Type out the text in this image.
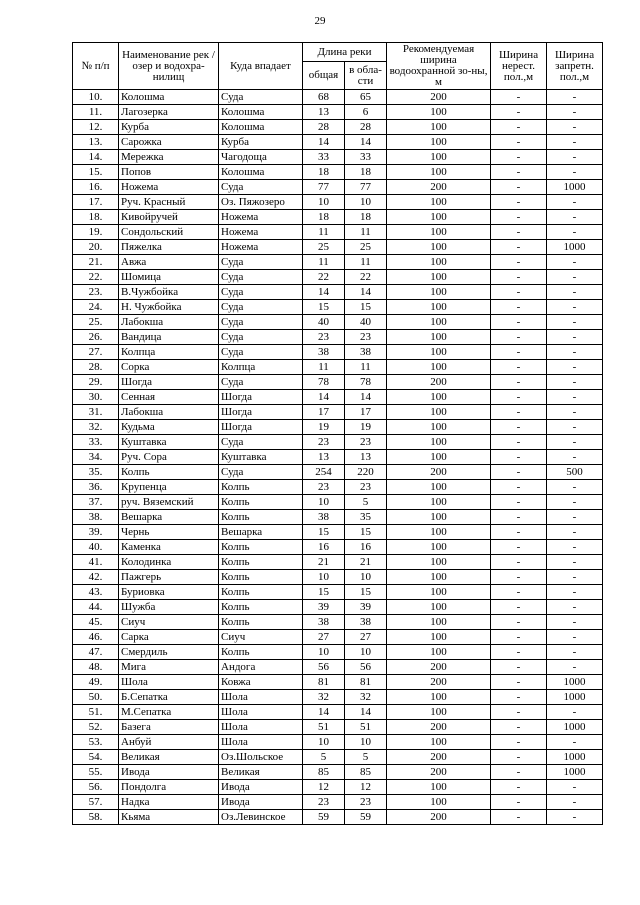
29
№ п/п	Наименование рек / озер и водохра-нилищ	Куда впадает	Длина реки		Рекомендуемая ширина водоохранной зо-ны, м	Ширина нерест. пол.,м	Ширина запретн. пол.,м
			общая	в обла-сти			
10.	Колошма	Суда	68	65	200	-	-
11.	Лагозерка	Колошма	13	6	100	-	-
12.	Курба	Колошма	28	28	100	-	-
13.	Сарожка	Курба	14	14	100	-	-
14.	Мережка	Чагодоща	33	33	100	-	-
15.	Попов	Колошма	18	18	100	-	-
16.	Ножема	Суда	77	77	200	-	1000
17.	Руч. Красный	Оз. Пяжозеро	10	10	100	-	-
18.	Кивойручей	Ножема	18	18	100	-	-
19.	Сондольский	Ножема	11	11	100	-	-
20.	Пяжелка	Ножема	25	25	100	-	1000
21.	Авжа	Суда	11	11	100	-	-
22.	Шомица	Суда	22	22	100	-	-
23.	В.Чужбойка	Суда	14	14	100	-	-
24.	Н. Чужбойка	Суда	15	15	100	-	-
25.	Лабокша	Суда	40	40	100	-	-
26.	Вандица	Суда	23	23	100	-	-
27.	Колпца	Суда	38	38	100	-	-
28.	Сорка	Колпца	11	11	100	-	-
29.	Шогда	Суда	78	78	200	-	-
30.	Сенная	Шогда	14	14	100	-	-
31.	Лабокша	Шогда	17	17	100	-	-
32.	Кудьма	Шогда	19	19	100	-	-
33.	Куштавка	Суда	23	23	100	-	-
34.	Руч. Сора	Куштавка	13	13	100	-	-
35.	Колпь	Суда	254	220	200	-	500
36.	Крупенца	Колпь	23	23	100	-	-
37.	руч. Вяземский	Колпь	10	5	100	-	-
38.	Вешарка	Колпь	38	35	100	-	-
39.	Чернь	Вешарка	15	15	100	-	-
40.	Каменка	Колпь	16	16	100	-	-
41.	Колодинка	Колпь	21	21	100	-	-
42.	Пажгерь	Колпь	10	10	100	-	-
43.	Буриовка	Колпь	15	15	100	-	-
44.	Шужба	Колпь	39	39	100	-	-
45.	Сиуч	Колпь	38	38	100	-	-
46.	Сарка	Сиуч	27	27	100	-	-
47.	Смердиль	Колпь	10	10	100	-	-
48.	Мига	Андога	56	56	200	-	-
49.	Шола	Ковжа	81	81	200	-	1000
50.	Б.Сепатка	Шола	32	32	100	-	1000
51.	М.Сепатка	Шола	14	14	100	-	-
52.	Базега	Шола	51	51	200	-	1000
53.	Анбуй	Шола	10	10	100	-	-
54.	Великая	Оз.Шольское	5	5	200	-	1000
55.	Ивода	Великая	85	85	200	-	1000
56.	Пондолга	Ивода	12	12	100	-	-
57.	Надка	Ивода	23	23	100	-	-
58.	Кьяма	Оз.Левинское	59	59	200	-	-
